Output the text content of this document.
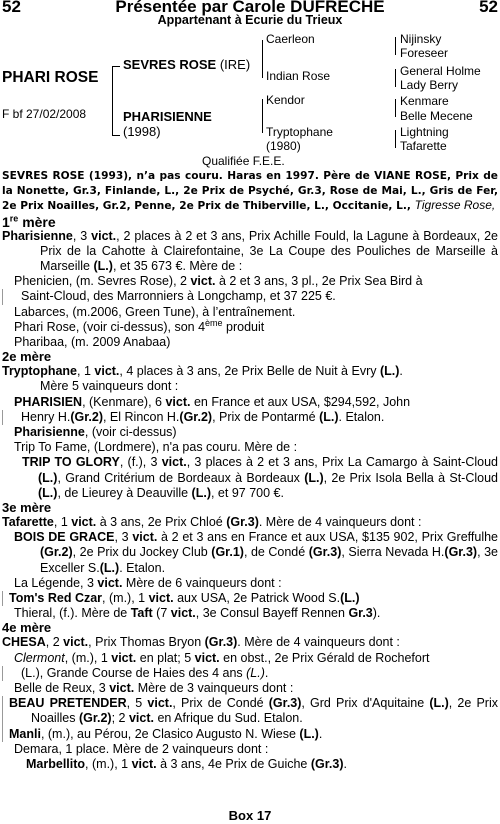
52	Présentée par Carole DUFRECHE	52
Appartenant à Ecurie du Trieux
PHARI ROSE
F bf 27/02/2008
SEVRES ROSE (IRE)
PHARISIENNE
(1998)
Caerleon
Indian Rose
Kendor
Tryptophane
(1980)
Nijinsky
Foreseer
General Holme
Lady Berry
Kenmare
Belle Mecene
Lightning
Tafarette
Qualifiée F.E.E.

SEVRES ROSE (1993), n’a pas couru. Haras en 1997. Père de VIANE ROSE, Prix de la Nonette, Gr.3, Finlande, L., 2e Prix de Psyché, Gr.3, Rose de Mai, L., Gris de Fer, 2e Prix Noailles, Gr.2, Penne, 2e Prix de Thiberville, L., Occitanie, L., Tigresse Rose,

1re mère

Pharisienne, 3 vict., 2 places à 2 et 3 ans, Prix Achille Fould, la Lagune à Bordeaux, 2e Prix de la Cahotte à Clairefontaine, 3e La Coupe des Pouliches de Marseille à Marseille (L.), et 35 673 €. Mère de :

Phenicien, (m. Sevres Rose), 2 vict. à 2 et 3 ans, 3 pl., 2e Prix Sea Bird à

Saint-Cloud, des Marronniers à Longchamp, et 37 225 €.

Labarces, (m.2006, Green Tune), à l’entraînement.

Phari Rose, (voir ci-dessus), son 4ème produit

Pharibaa, (m. 2009 Anabaa)

2e mère

Tryptophane, 1 vict., 4 places à 3 ans, 2e Prix Belle de Nuit à Evry (L.).

Mère 5 vainqueurs dont :

PHARISIEN, (Kenmare), 6 vict. en France et aux USA, $294,592, John

Henry H.(Gr.2), El Rincon H.(Gr.2), Prix de Pontarmé (L.). Etalon.

Pharisienne, (voir ci-dessus)

Trip To Fame, (Lordmere), n'a pas couru. Mère de :

TRIP TO GLORY, (f.), 3 vict., 3 places à 2 et 3 ans, Prix La Camargo à Saint-Cloud (L.), Grand Critérium de Bordeaux à Bordeaux (L.), 2e Prix Isola Bella à St-Cloud (L.), de Lieurey à Deauville (L.), et 97 700 €.

3e mère

Tafarette, 1 vict. à 3 ans, 2e Prix Chloé (Gr.3). Mère de 4 vainqueurs dont :

BOIS DE GRACE, 3 vict. à 2 et 3 ans en France et aux USA, $135 902, Prix Greffulhe (Gr.2), 2e Prix du Jockey Club (Gr.1), de Condé (Gr.3), Sierra Nevada H.(Gr.3), 3e Exceller S.(L.). Etalon.

La Légende, 3 vict. Mère de 6 vainqueurs dont :

Tom's Red Czar, (m.), 1 vict. aux USA, 2e Patrick Wood S.(L.)

Thieral, (f.). Mère de Taft (7 vict., 3e Consul Bayeff Rennen Gr.3).

4e mère

CHESA, 2 vict., Prix Thomas Bryon (Gr.3). Mère de 4 vainqueurs dont :

Clermont, (m.), 1 vict. en plat; 5 vict. en obst., 2e Prix Gérald de Rochefort

(L.), Grande Course de Haies des 4 ans (L.).

Belle de Reux, 3 vict. Mère de 3 vainqueurs dont :

BEAU PRETENDER, 5 vict., Prix de Condé (Gr.3), Grd Prix d'Aquitaine (L.), 2e Prix Noailles (Gr.2); 2 vict. en Afrique du Sud. Etalon.

Manli, (m.), au Pérou, 2e Clasico Augusto N. Wiese (L.).

Demara, 1 place. Mère de 2 vainqueurs dont :

Marbellito, (m.), 1 vict. à 3 ans, 4e Prix de Guiche (Gr.3).

Box 17
